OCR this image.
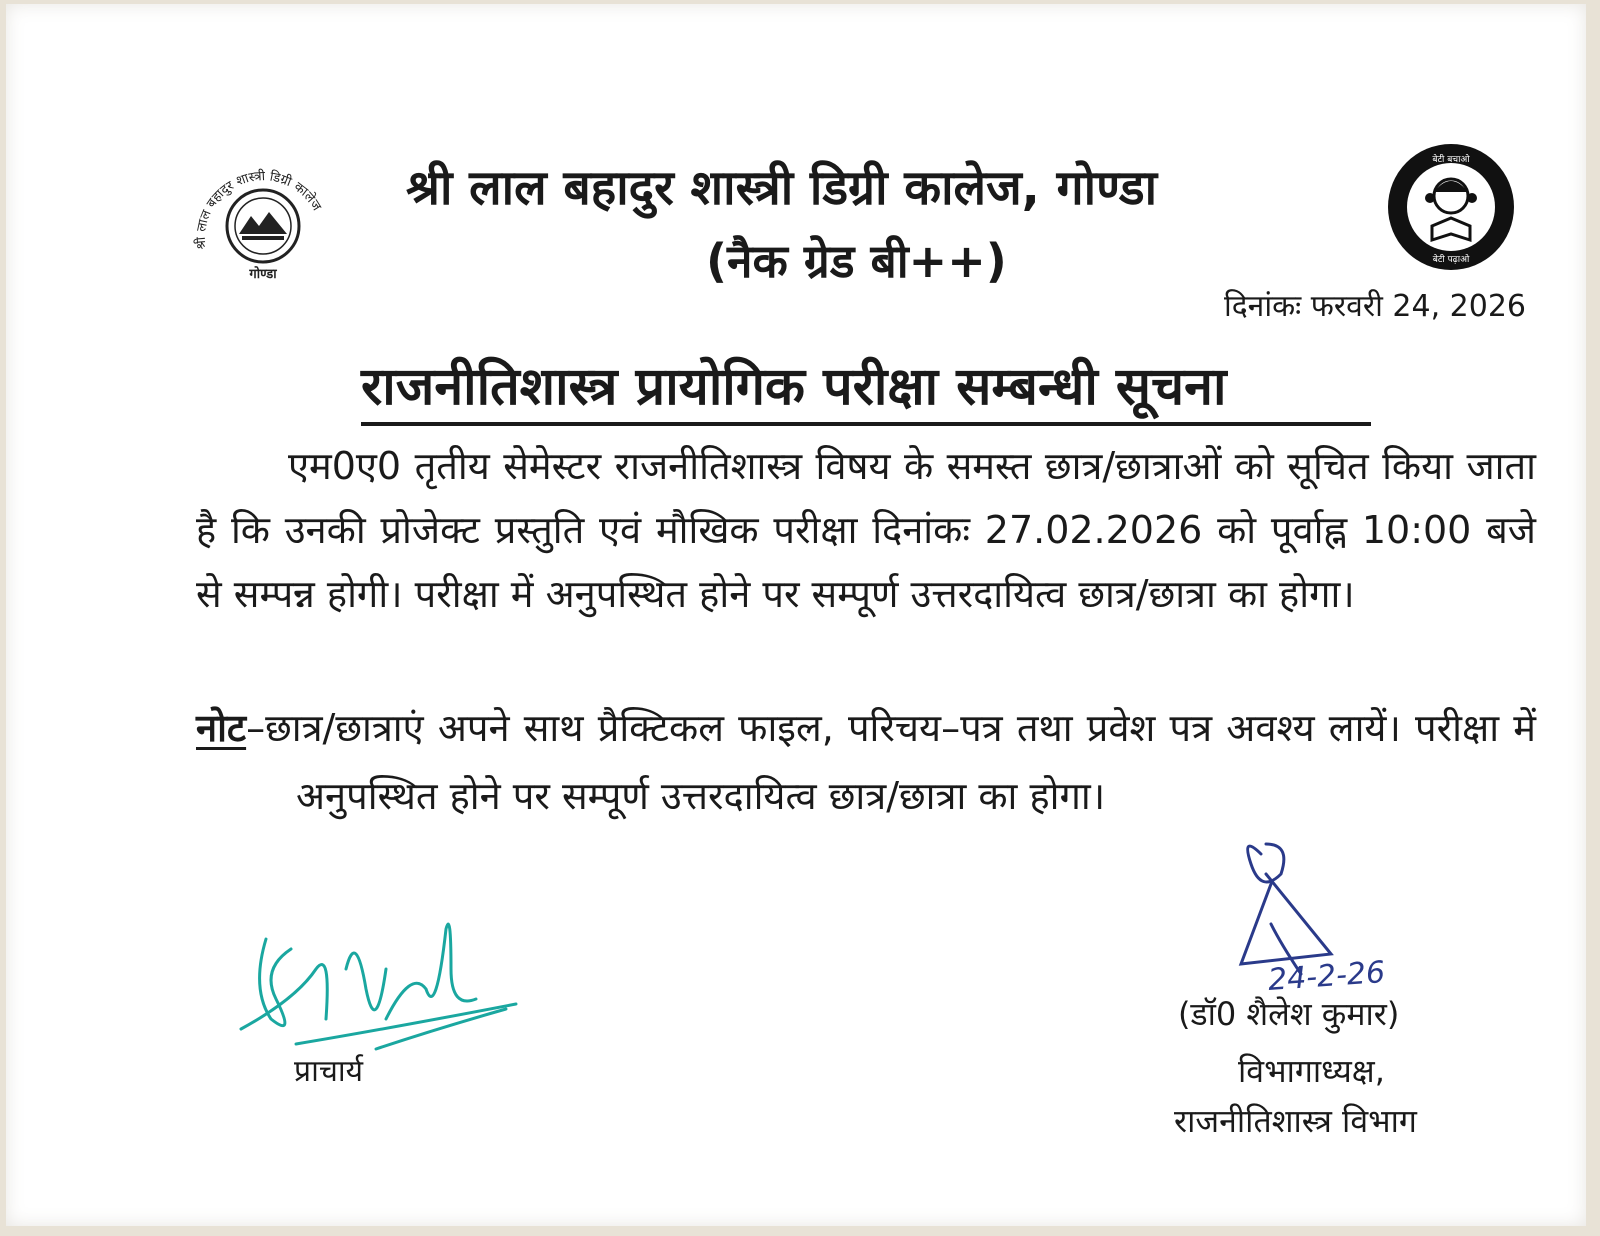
श्री लाल बहादुर शास्त्री डिग्री कालेज
गोण्डा
बेटी बचाओ
बेटी पढ़ाओ
श्री लाल बहादुर शास्त्री डिग्री कालेज, गोण्डा
(नैक ग्रेड बी++)
दिनांकः फरवरी 24, 2026
राजनीतिशास्त्र प्रायोगिक परीक्षा सम्बन्धी सूचना
एम0ए0 तृतीय सेमेस्टर राजनीतिशास्त्र विषय के समस्त छात्र/छात्राओं को सूचित किया जाता है कि उनकी प्रोजेक्ट प्रस्तुति एवं मौखिक परीक्षा दिनांकः 27.02.2026 को पूर्वाह्न 10:00 बजे से सम्पन्न होगी। परीक्षा में अनुपस्थित होने पर सम्पूर्ण उत्तरदायित्व छात्र/छात्रा का होगा।
नोट–छात्र/छात्राएं अपने साथ प्रैक्टिकल फाइल, परिचय–पत्र तथा प्रवेश पत्र अवश्य लायें। परीक्षा में अनुपस्थित होने पर सम्पूर्ण उत्तरदायित्व छात्र/छात्रा का होगा।
प्राचार्य
24-2-26
(डॉ0 शैलेश कुमार)
विभागाध्यक्ष,
राजनीतिशास्त्र विभाग
